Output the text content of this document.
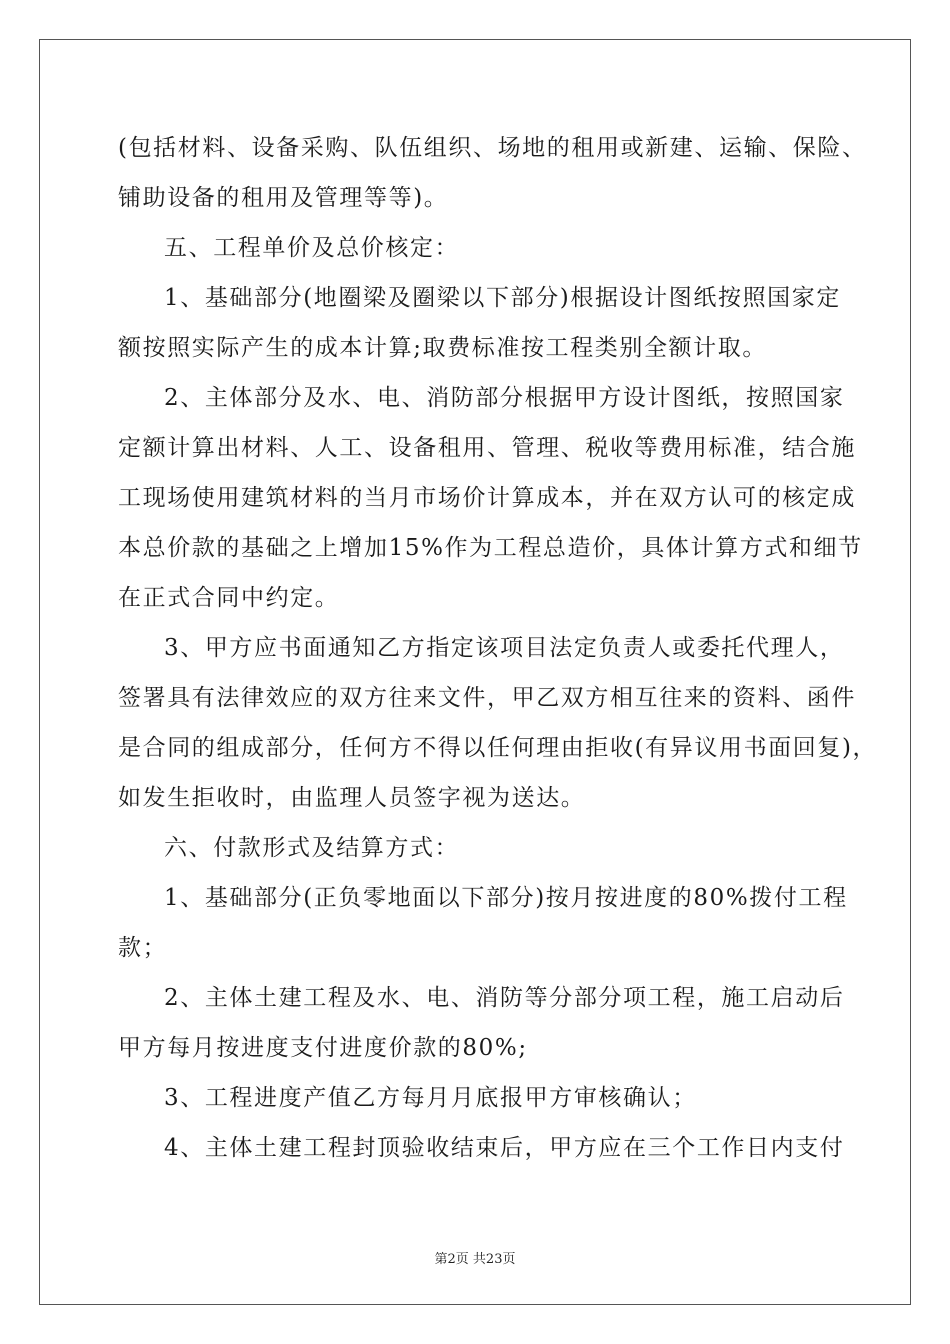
(包括材料、设备采购、队伍组织、场地的租用或新建、运输、保险、
铺助设备的租用及管理等等)。
五、工程单价及总价核定：
1、基础部分(地圈梁及圈梁以下部分)根据设计图纸按照国家定
额按照实际产生的成本计算;取费标准按工程类别全额计取。
2、主体部分及水、电、消防部分根据甲方设计图纸，按照国家
定额计算出材料、人工、设备租用、管理、税收等费用标准，结合施
工现场使用建筑材料的当月市场价计算成本，并在双方认可的核定成
本总价款的基础之上增加15%作为工程总造价，具体计算方式和细节
在正式合同中约定。
3、甲方应书面通知乙方指定该项目法定负责人或委托代理人，
签署具有法律效应的双方往来文件，甲乙双方相互往来的资料、函件
是合同的组成部分，任何方不得以任何理由拒收(有异议用书面回复)，
如发生拒收时，由监理人员签字视为送达。
六、付款形式及结算方式：
1、基础部分(正负零地面以下部分)按月按进度的80%拨付工程
款；
2、主体土建工程及水、电、消防等分部分项工程，施工启动后
甲方每月按进度支付进度价款的80%;
3、工程进度产值乙方每月月底报甲方审核确认；
4、主体土建工程封顶验收结束后，甲方应在三个工作日内支付
第2页 共23页
